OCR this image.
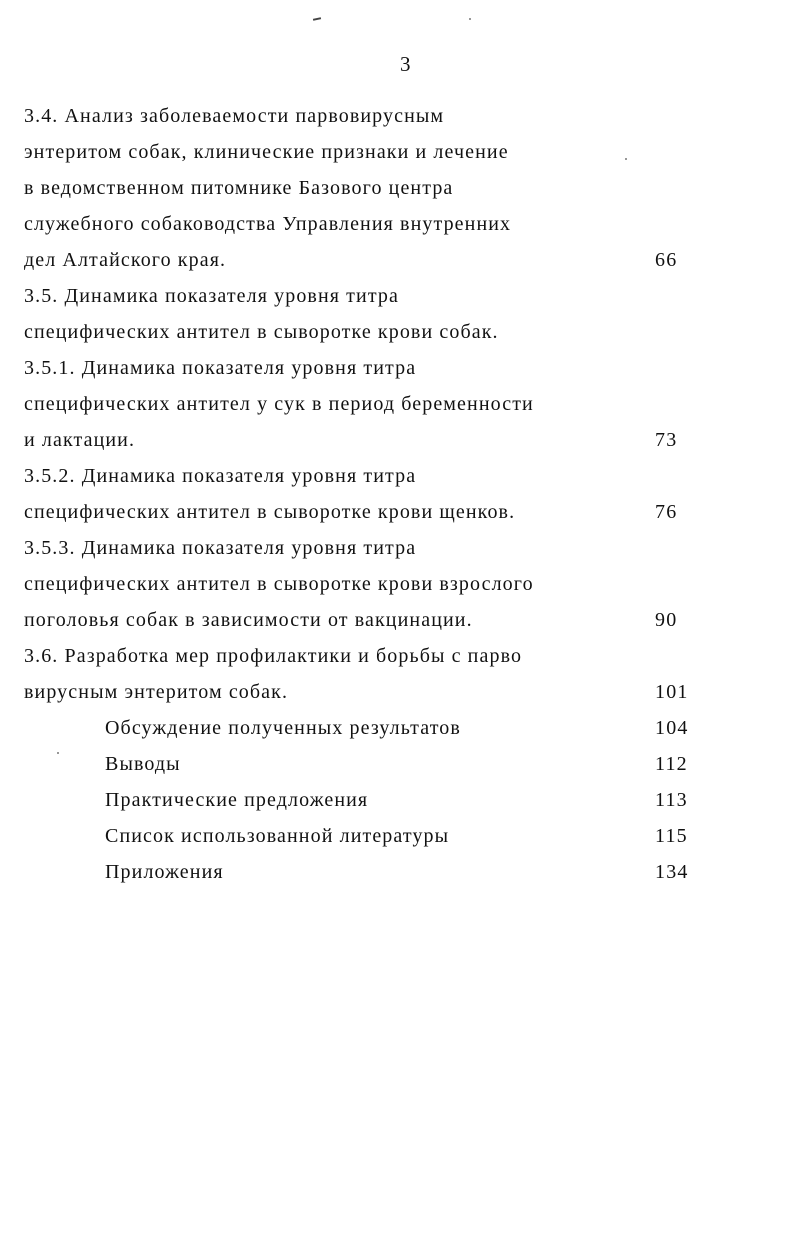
3
3.4. Анализ заболеваемости парвовирусным
энтеритом собак, клинические признаки и лечение
в ведомственном питомнике Базового центра
служебного собаководства Управления внутренних
дел Алтайского края.	66
3.5. Динамика показателя уровня титра
специфических антител в сыворотке крови собак.
3.5.1. Динамика показателя уровня титра
специфических антител у сук в период беременности
и лактации.	73
3.5.2. Динамика показателя уровня титра
специфических антител в сыворотке крови щенков.	76
3.5.3. Динамика показателя уровня титра
специфических антител в сыворотке крови взрослого
поголовья собак в зависимости от вакцинации.	90
3.6. Разработка мер профилактики и борьбы с парво
вирусным энтеритом собак.	101
Обсуждение полученных результатов	104
Выводы	112
Практические предложения	113
Список использованной литературы	115
Приложения	134
